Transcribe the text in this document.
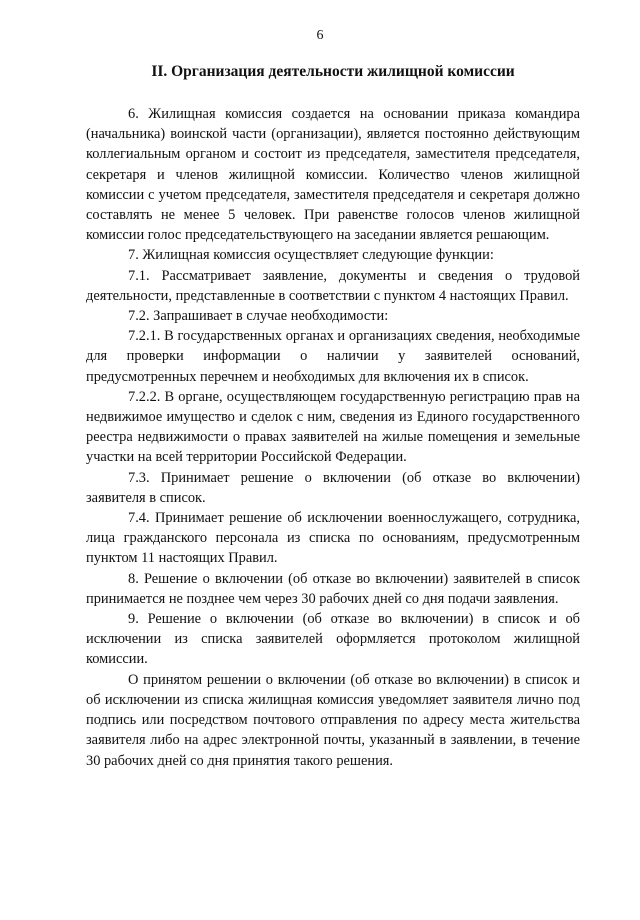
6
II. Организация деятельности жилищной комиссии

6. Жилищная комиссия создается на основании приказа командира (начальника) воинской части (организации), является постоянно действующим коллегиальным органом и состоит из председателя, заместителя председателя, секретаря и членов жилищной комиссии. Количество членов жилищной комиссии с учетом председателя, заместителя председателя и секретаря должно составлять не менее 5 человек. При равенстве голосов членов жилищной комиссии голос председательствующего на заседании является решающим.

7. Жилищная комиссия осуществляет следующие функции:

7.1. Рассматривает заявление, документы и сведения о трудовой деятельности, представленные в соответствии с пунктом 4 настоящих Правил.

7.2. Запрашивает в случае необходимости:

7.2.1. В государственных органах и организациях сведения, необходимые для проверки информации о наличии у заявителей оснований, предусмотренных перечнем и необходимых для включения их в список.

7.2.2. В органе, осуществляющем государственную регистрацию прав на недвижимое имущество и сделок с ним, сведения из Единого государственного реестра недвижимости о правах заявителей на жилые помещения и земельные участки на всей территории Российской Федерации.

7.3. Принимает решение о включении (об отказе во включении) заявителя в список.

7.4. Принимает решение об исключении военнослужащего, сотрудника, лица гражданского персонала из списка по основаниям, предусмотренным пунктом 11 настоящих Правил.

8. Решение о включении (об отказе во включении) заявителей в список принимается не позднее чем через 30 рабочих дней со дня подачи заявления.

9. Решение о включении (об отказе во включении) в список и об исключении из списка заявителей оформляется протоколом жилищной комиссии.

О принятом решении о включении (об отказе во включении) в список и об исключении из списка жилищная комиссия уведомляет заявителя лично под подпись или посредством почтового отправления по адресу места жительства заявителя либо на адрес электронной почты, указанный в заявлении, в течение 30 рабочих дней со дня принятия такого решения.
